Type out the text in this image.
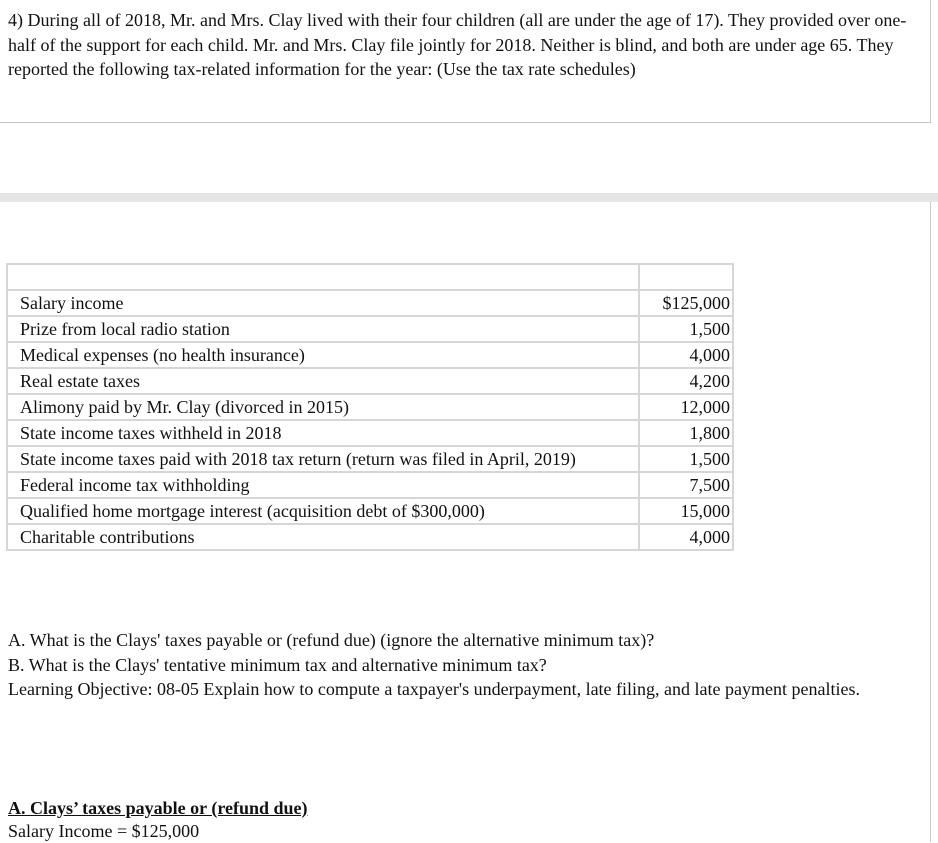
4) During all of 2018, Mr. and Mrs. Clay lived with their four children (all are under the age of 17). They provided over one-half of the support for each child. Mr. and Mrs. Clay file jointly for 2018. Neither is blind, and both are under age 65. They reported the following tax-related information for the year: (Use the tax rate schedules)

Salary income	$125,000
Prize from local radio station	1,500
Medical expenses (no health insurance)	4,000
Real estate taxes	4,200
Alimony paid by Mr. Clay (divorced in 2015)	12,000
State income taxes withheld in 2018	1,800
State income taxes paid with 2018 tax return (return was filed in April, 2019)	1,500
Federal income tax withholding	7,500
Qualified home mortgage interest (acquisition debt of $300,000)	15,000
Charitable contributions	4,000
A. What is the Clays' taxes payable or (refund due) (ignore the alternative minimum tax)?
B. What is the Clays' tentative minimum tax and alternative minimum tax?
Learning Objective: 08-05 Explain how to compute a taxpayer's underpayment, late filing, and late payment penalties.

A. Clays’ taxes payable or (refund due)

Salary Income = $125,000
